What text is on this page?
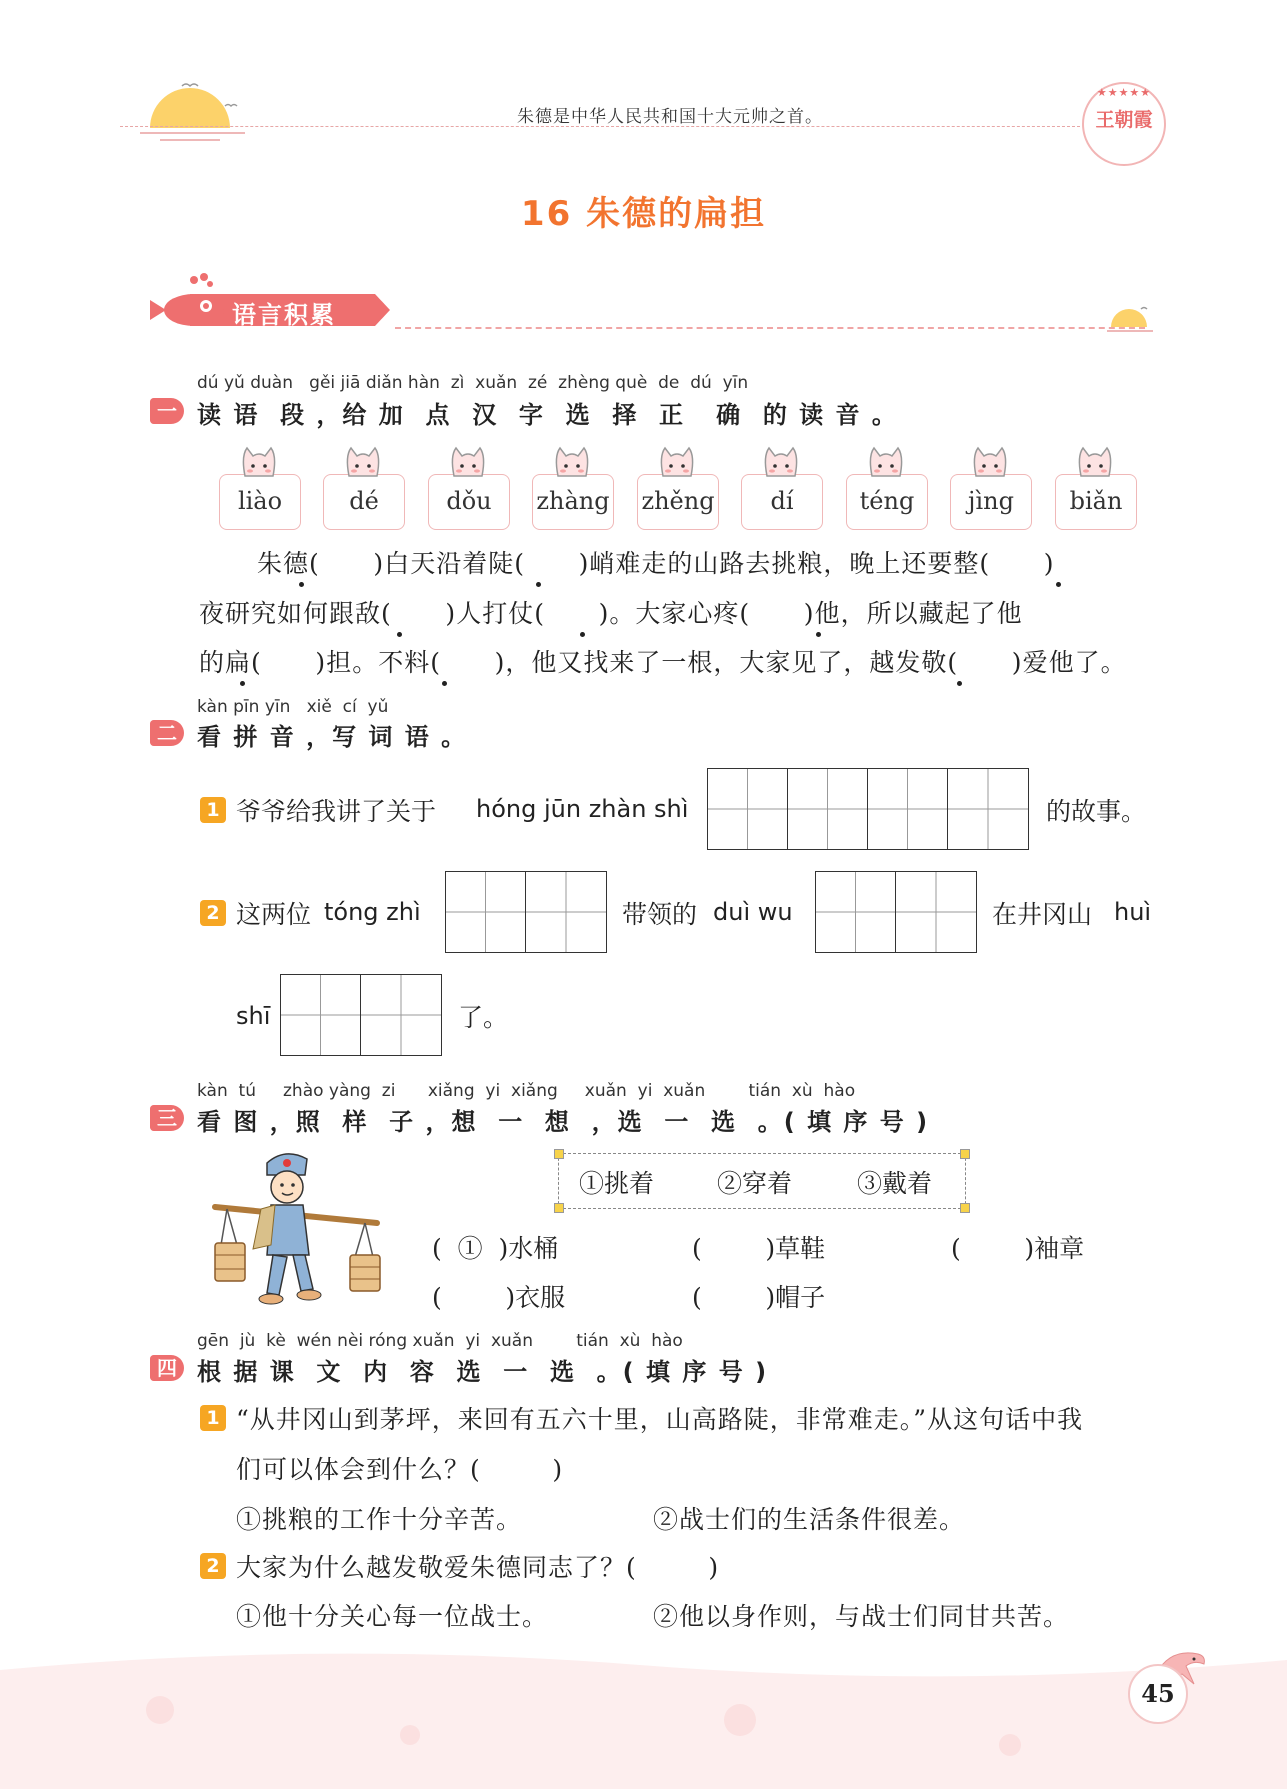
朱德是中华人民共和国十大元帅之首。
★★★★★
王朝霞
16 朱德的扁担
语言积累
dú yǔ duàn   gěi jiā diǎn hàn  zì  xuǎn  zé  zhèng què  de  dú  yīn
一 读 语  段 ，给 加  点  汉  字  选  择  正   确  的 读 音 。
liào	dé	dǒu	zhàng zhěng	dí	téng	jìng	biǎn
朱德(      )白天沿着陡(      )峭难走的山路去挑粮，晚上还要整(      )
夜研究如何跟敌(      )人打仗(      )。大家心疼(      )他，所以藏起了他
的扁(      )担。不料(      )，他又找来了一根，大家见了，越发敬(      )爱他了。
kàn pīn yīn   xiě  cí  yǔ
二 看 拼 音 ，写 词 语 。
1 爷爷给我讲了关于 hóng jūn zhàn shì	的故事。
2 这两位 tóng zhì	带领的 duì wu	在井冈山 huì
shī	了。
kàn  tú     zhào yàng  zi      xiǎng  yi  xiǎng     xuǎn  yi  xuǎn        tián  xù  hào
三 看 图 ，照  样  子 ，想  一  想  ，选  一  选  。( 填 序 号 )
①挑着	②穿着	③戴着
(  ①  )水桶	(        )草鞋	(        )袖章
(        )衣服	(        )帽子
gēn  jù  kè  wén nèi róng xuǎn  yi  xuǎn        tián  xù  hào
四 根 据 课  文  内  容  选  一  选  。( 填 序 号 )
1 “从井冈山到茅坪，来回有五六十里，山高路陡，非常难走。”从这句话中我
们可以体会到什么？(        )
①挑粮的工作十分辛苦。	②战士们的生活条件很差。
2 大家为什么越发敬爱朱德同志了？(        )
①他十分关心每一位战士。	②他以身作则，与战士们同甘共苦。
45
